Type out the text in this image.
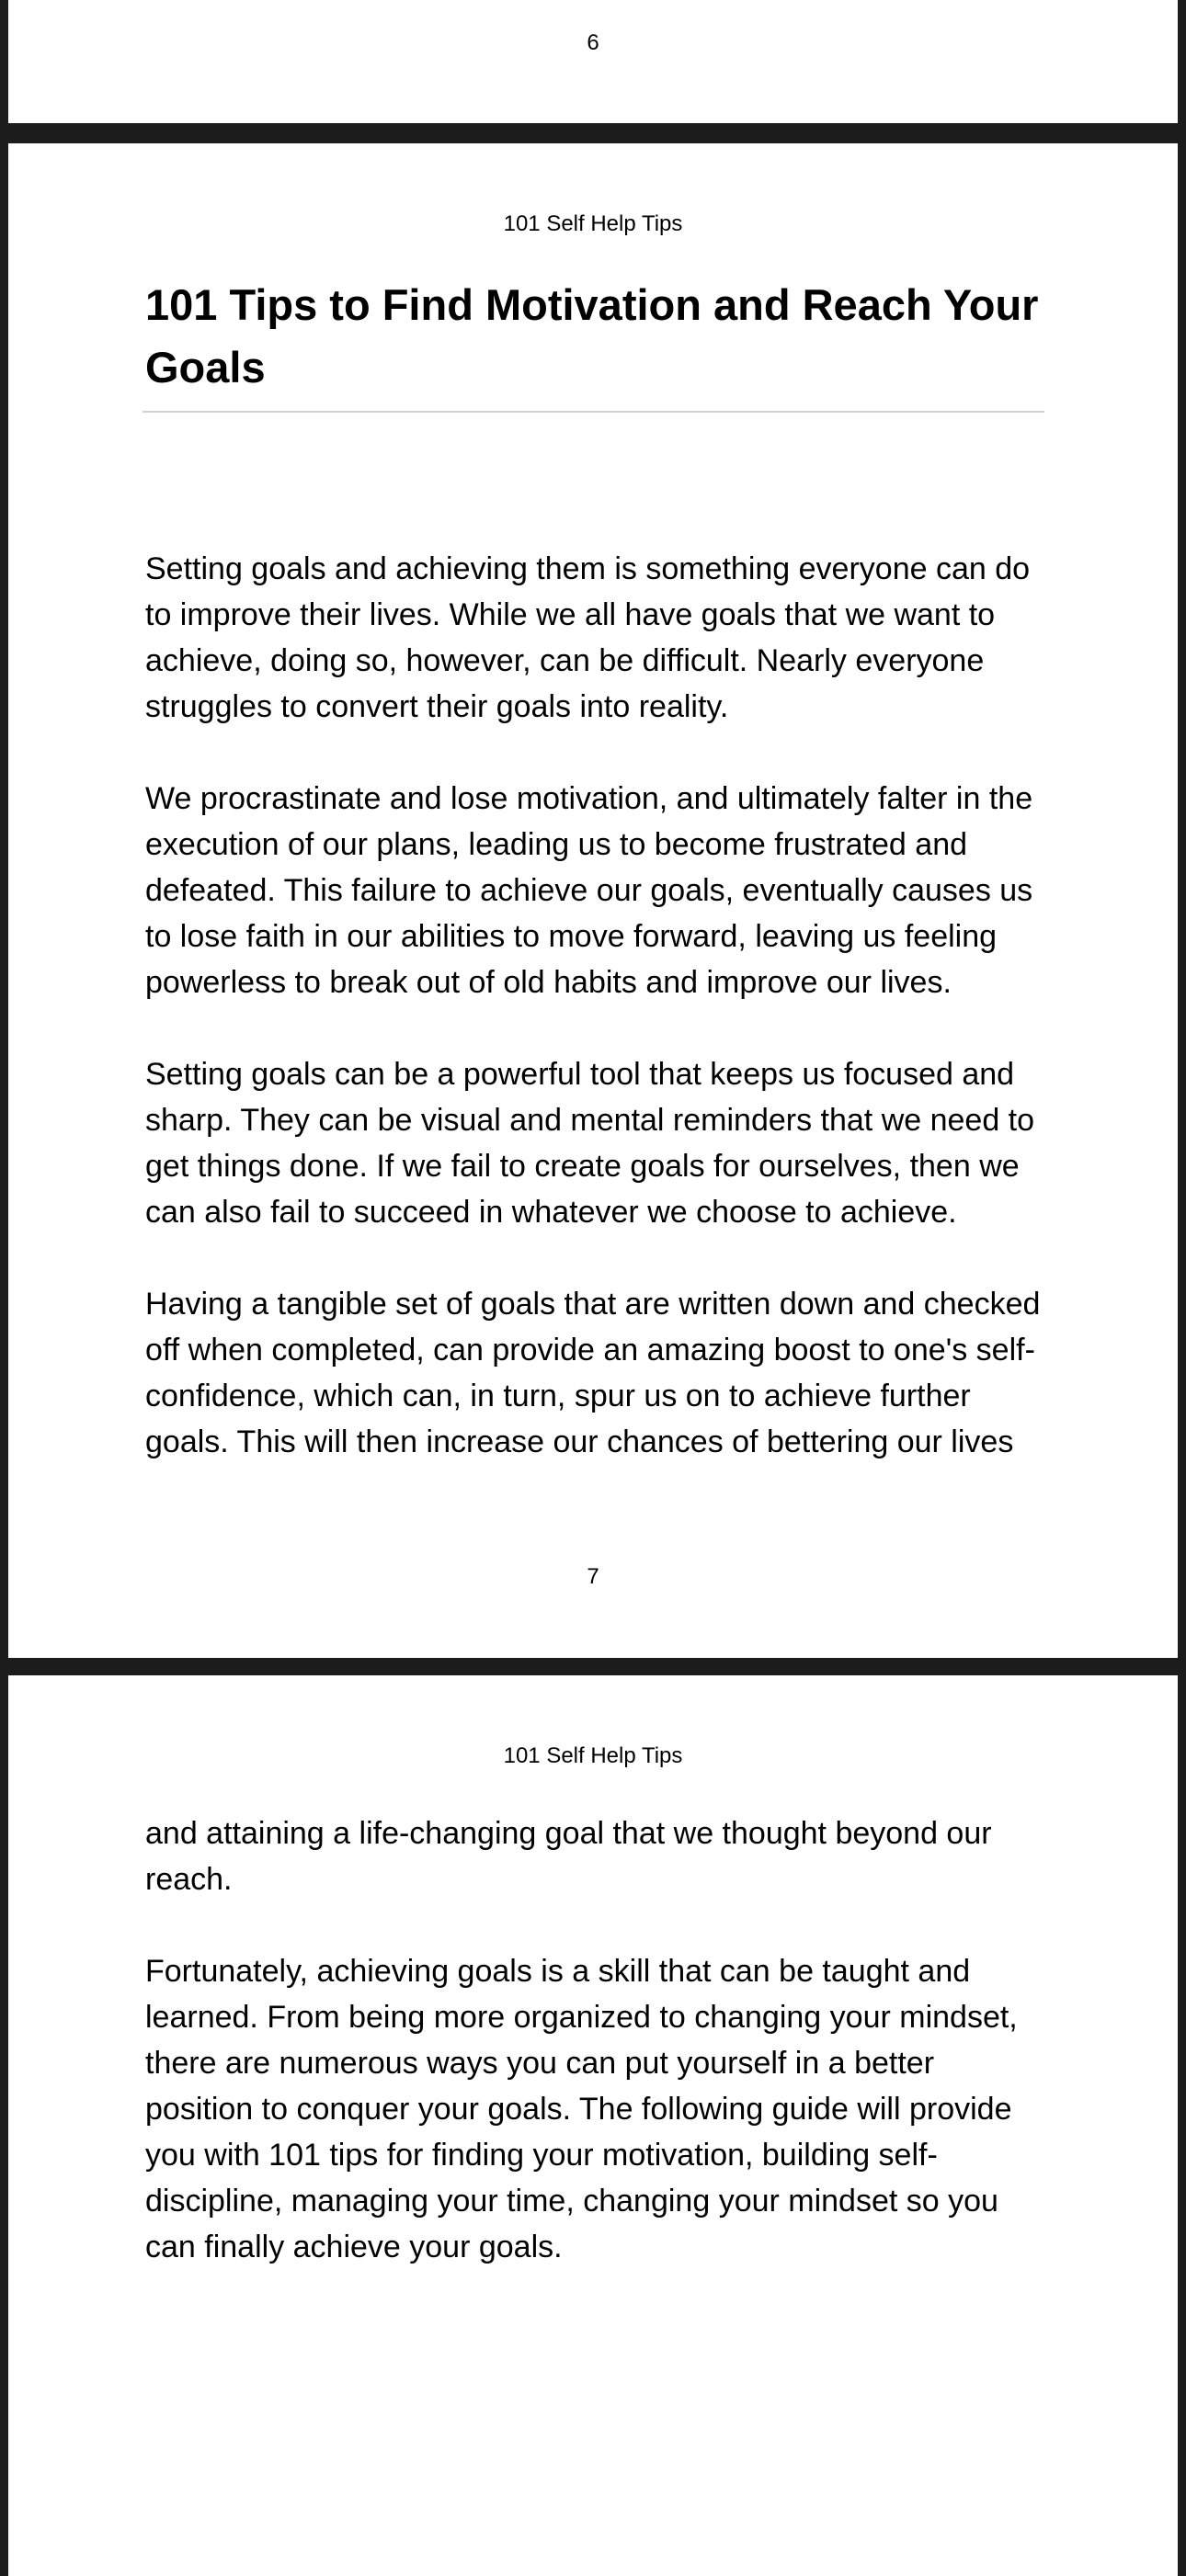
6
101 Self Help Tips
101 Tips to Find Motivation and Reach Your Goals

Setting goals and achieving them is something everyone can do to improve their lives. While we all have goals that we want to achieve, doing so, however, can be difficult. Nearly everyone struggles to convert their goals into reality.

We procrastinate and lose motivation, and ultimately falter in the execution of our plans, leading us to become frustrated and defeated. This failure to achieve our goals, eventually causes us to lose faith in our abilities to move forward, leaving us feeling powerless to break out of old habits and improve our lives.

Setting goals can be a powerful tool that keeps us focused and sharp. They can be visual and mental reminders that we need to get things done. If we fail to create goals for ourselves, then we can also fail to succeed in whatever we choose to achieve.

Having a tangible set of goals that are written down and checked off when completed, can provide an amazing boost to one's self-confidence, which can, in turn, spur us on to achieve further goals. This will then increase our chances of bettering our lives

7
101 Self Help Tips

and attaining a life-changing goal that we thought beyond our reach.

Fortunately, achieving goals is a skill that can be taught and learned. From being more organized to changing your mindset, there are numerous ways you can put yourself in a better position to conquer your goals. The following guide will provide you with 101 tips for finding your motivation, building self-discipline, managing your time, changing your mindset so you can finally achieve your goals.
